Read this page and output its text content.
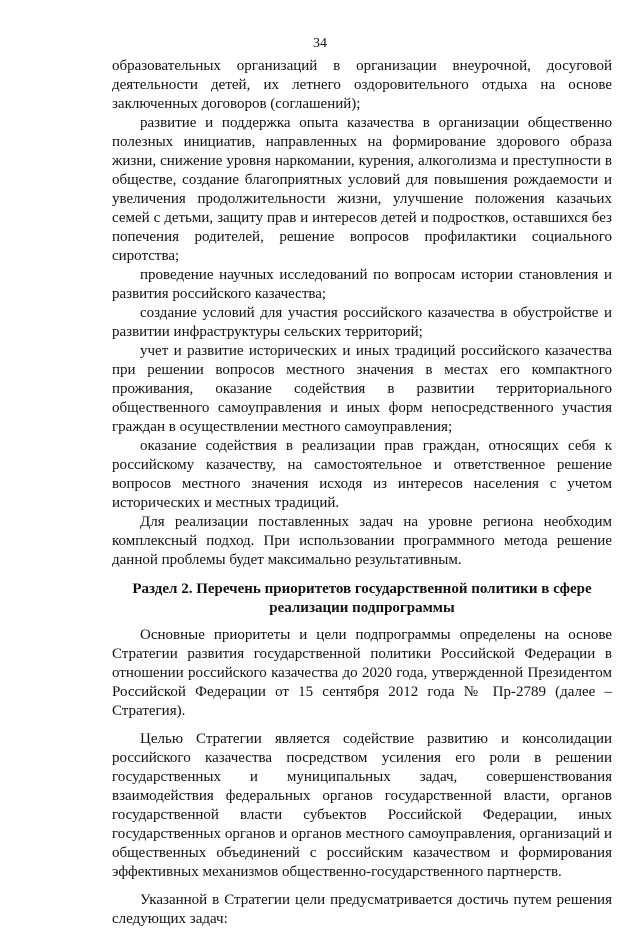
34

образовательных организаций в организации внеурочной, досуговой деятельности детей, их летнего оздоровительного отдыха на основе заключенных договоров (соглашений);

развитие и поддержка опыта казачества в организации общественно полезных инициатив, направленных на формирование здорового образа жизни, снижение уровня наркомании, курения, алкоголизма и преступности в обществе, создание благоприятных условий для повышения рождаемости и увеличения продолжительности жизни, улучшение положения казачьих семей с детьми, защиту прав и интересов детей и подростков, оставшихся без попечения родителей, решение вопросов профилактики социального сиротства;

проведение научных исследований по вопросам истории становления и развития российского казачества;

создание условий для участия российского казачества в обустройстве и развитии инфраструктуры сельских территорий;

учет и развитие исторических и иных традиций российского казачества при решении вопросов местного значения в местах его компактного проживания, оказание содействия в развитии территориального общественного самоуправления и иных форм непосредственного участия граждан в осуществлении местного самоуправления;

оказание содействия в реализации прав граждан, относящих себя к российскому казачеству, на самостоятельное и ответственное решение вопросов местного значения исходя из интересов населения с учетом исторических и местных традиций.

Для реализации поставленных задач на уровне региона необходим комплексный подход. При использовании программного метода решение данной проблемы будет максимально результативным.

Раздел 2. Перечень приоритетов государственной политики в сфере реализации подпрограммы

Основные приоритеты и цели подпрограммы определены на основе Стратегии развития государственной политики Российской Федерации в отношении российского казачества до 2020 года, утвержденной Президентом Российской Федерации от 15 сентября 2012 года № Пр-2789 (далее – Стратегия).

Целью Стратегии является содействие развитию и консолидации российского казачества посредством усиления его роли в решении государственных и муниципальных задач, совершенствования взаимодействия федеральных органов государственной власти, органов государственной власти субъектов Российской Федерации, иных государственных органов и органов местного самоуправления, организаций и общественных объединений с российским казачеством и формирования эффективных механизмов общественно-государственного партнерств.

Указанной в Стратегии цели предусматривается достичь путем решения следующих задач:
